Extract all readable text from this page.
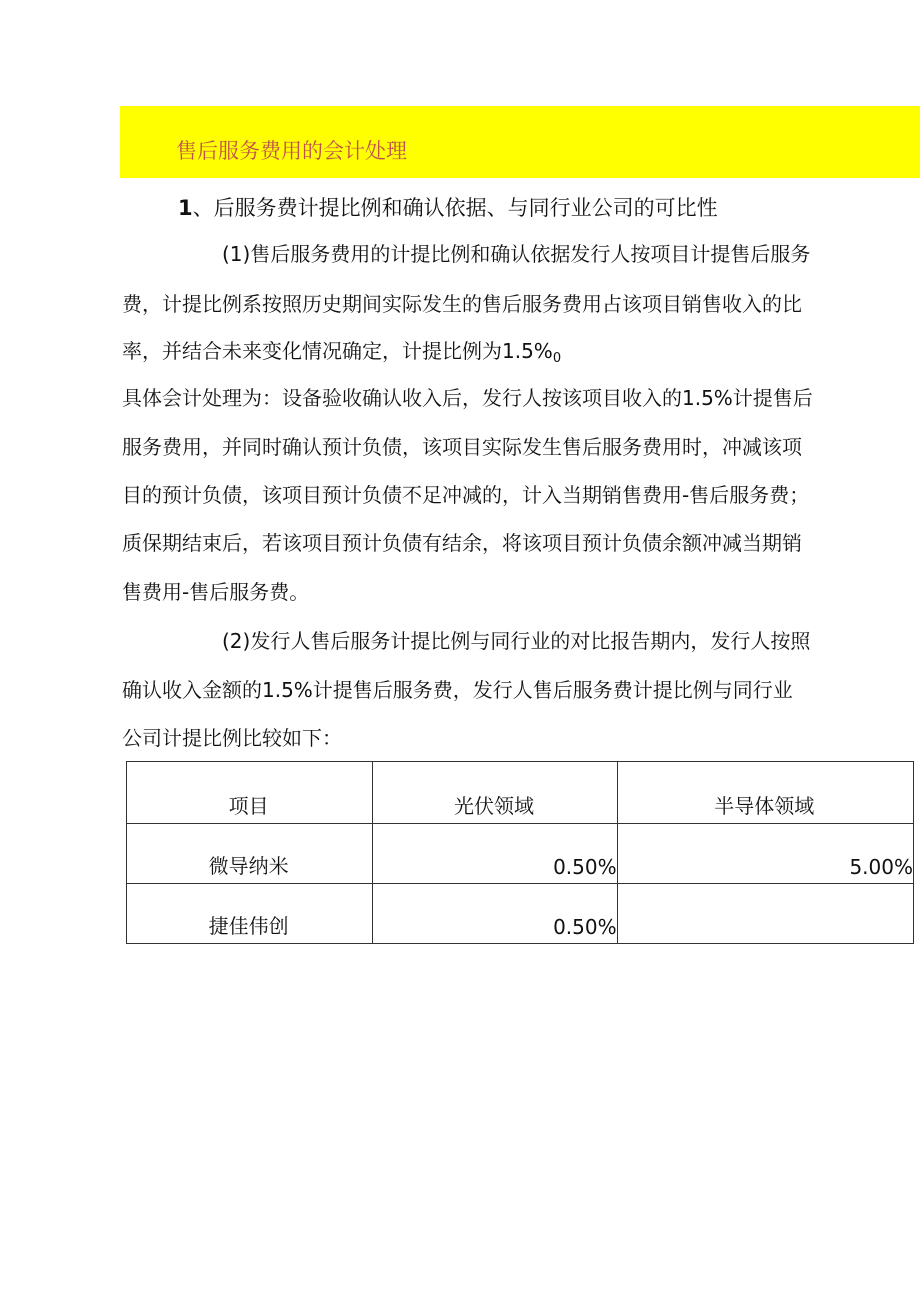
售后服务费用的会计处理
1、后服务费计提比例和确认依据、与同行业公司的可比性
(1)售后服务费用的计提比例和确认依据发行人按项目计提售后服务
费，计提比例系按照历史期间实际发生的售后服务费用占该项目销售收入的比
率，并结合未来变化情况确定，计提比例为$1.5\%_0$
具体会计处理为：设备验收确认收入后，发行人按该项目收入的1.5%计提售后
服务费用，并同时确认预计负债，该项目实际发生售后服务费用时，冲减该项
目的预计负债，该项目预计负债不足冲减的，计入当期销售费用-售后服务费；
质保期结束后，若该项目预计负债有结余，将该项目预计负债余额冲减当期销
售费用-售后服务费。
(2)发行人售后服务计提比例与同行业的对比报告期内，发行人按照
确认收入金额的1.5%计提售后服务费，发行人售后服务费计提比例与同行业
公司计提比例比较如下：
项目	光伏领域	半导体领域
微导纳米	0.50%	5.00%
捷佳伟创	0.50%	
